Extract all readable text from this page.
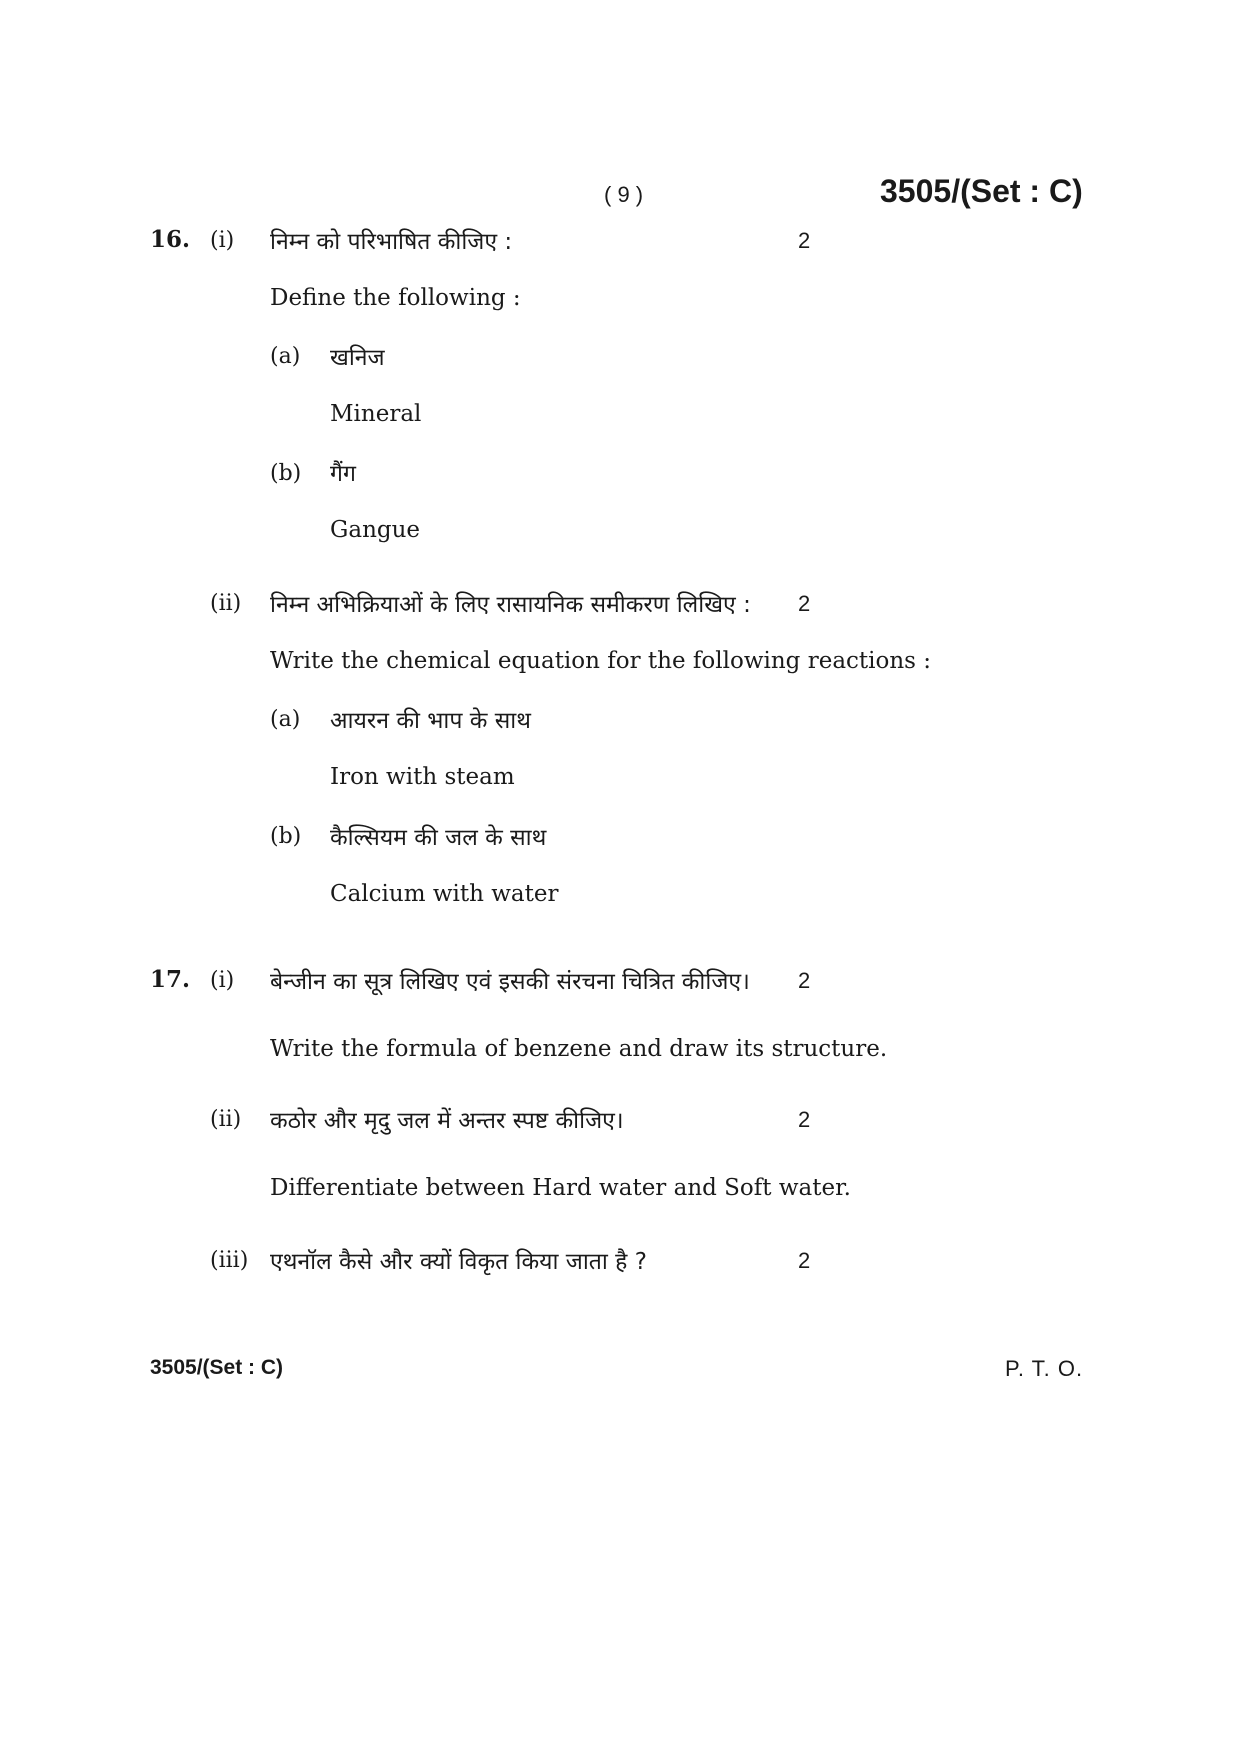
( 9 )	3505/(Set : C)
16. (i) निम्न को परिभाषित कीजिए :	2
Define the following :
(a) खनिज
Mineral
(b) गैंग
Gangue
(ii) निम्न अभिक्रियाओं के लिए रासायनिक समीकरण लिखिए : 2
Write the chemical equation for the following reactions :
(a) आयरन की भाप के साथ
Iron with steam
(b) कैल्सियम की जल के साथ
Calcium with water
17. (i) बेन्जीन का सूत्र लिखिए एवं इसकी संरचना चित्रित कीजिए। 2
Write the formula of benzene and draw its structure.
(ii) कठोर और मृदु जल में अन्तर स्पष्ट कीजिए।	2
Differentiate between Hard water and Soft water.
(iii) एथनॉल कैसे और क्यों विकृत किया जाता है ?	2
3505/(Set : C)	P. T. O.
